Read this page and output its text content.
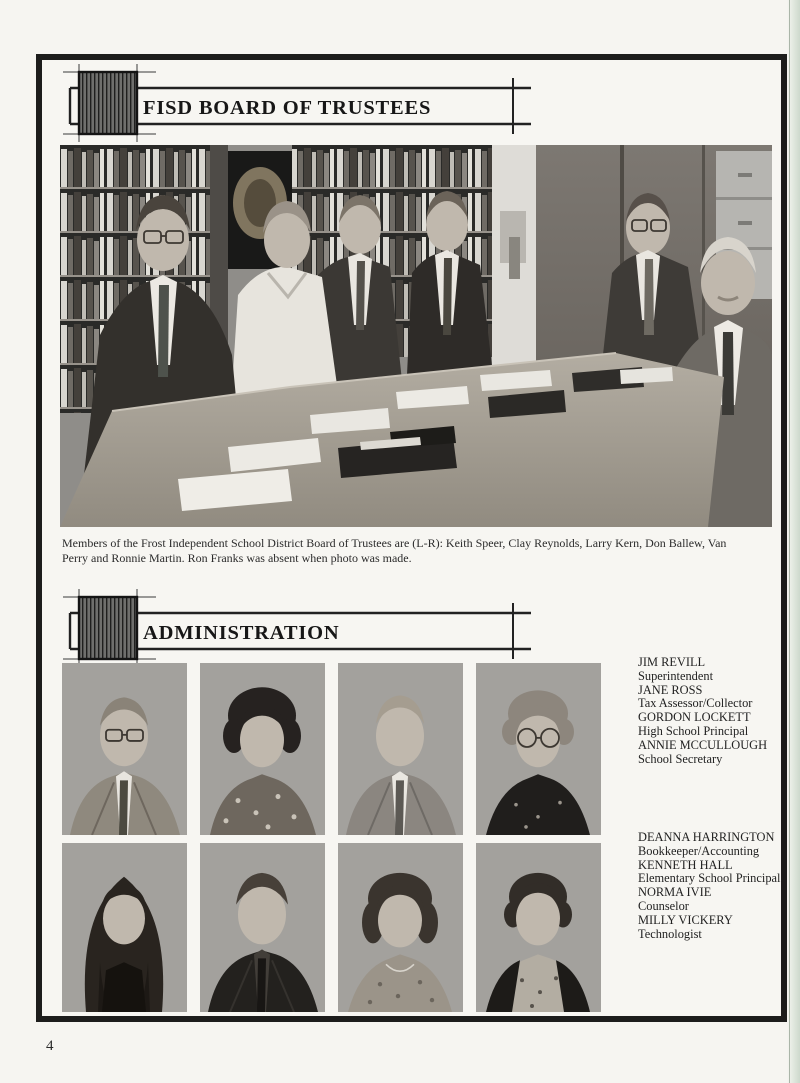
FISD BOARD OF TRUSTEES
ADMINISTRATION
Members of the Frost Independent School District Board of Trustees are (L-R): Keith Speer, Clay Reynolds, Larry Kern, Don Ballew, Van
Perry and Ronnie Martin. Ron Franks was absent when photo was made.
JIM REVILL
Superintendent
JANE ROSS
Tax Assessor/Collector
GORDON LOCKETT
High School Principal
ANNIE MCCULLOUGH
School Secretary
DEANNA HARRINGTON
Bookkeeper/Accounting
KENNETH HALL
Elementary School Principal
NORMA IVIE
Counselor
MILLY VICKERY
Technologist
4
